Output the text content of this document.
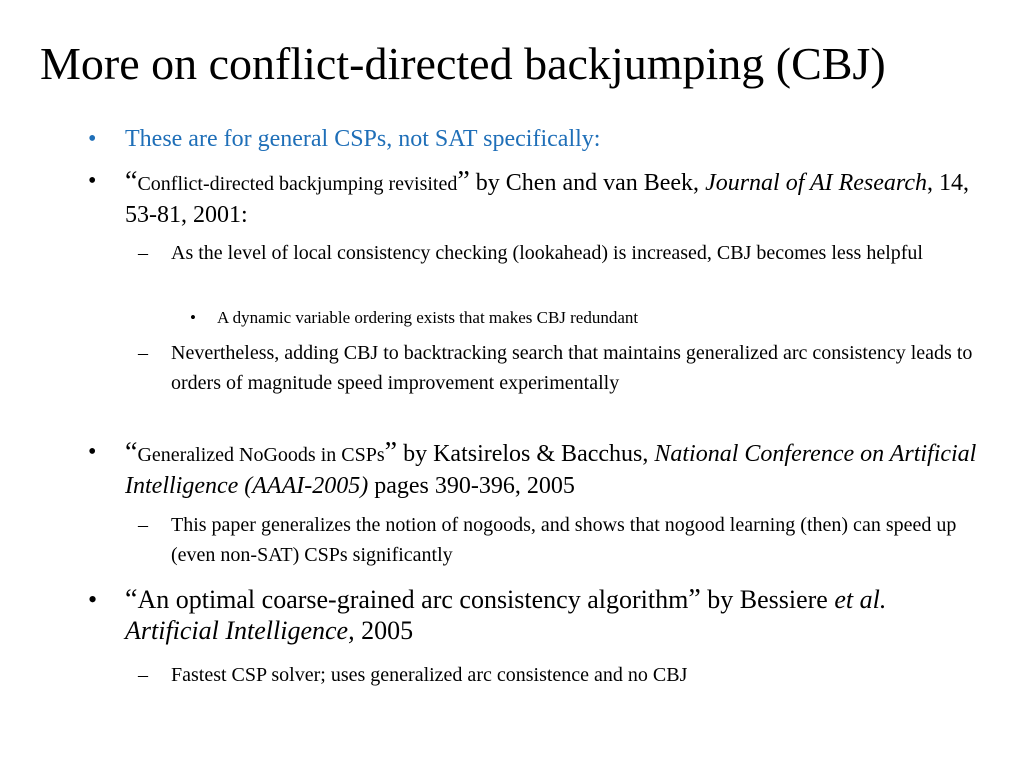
More on conflict-directed backjumping (CBJ)
• These are for general CSPs, not SAT specifically:
• “Conflict-directed backjumping revisited” by Chen and van Beek, Journal of AI Research, 14, 53-81, 2001:
– As the level of local consistency checking (lookahead) is increased, CBJ becomes less helpful
• A dynamic variable ordering exists that makes CBJ redundant
– Nevertheless, adding CBJ to backtracking search that maintains generalized arc consistency leads to orders of magnitude speed improvement experimentally
• “Generalized NoGoods in CSPs” by Katsirelos & Bacchus, National Conference on Artificial Intelligence (AAAI-2005) pages 390-396, 2005
– This paper generalizes the notion of nogoods, and shows that nogood learning (then) can speed up (even non-SAT) CSPs significantly
• “An optimal coarse-grained arc consistency algorithm” by Bessiere et al. Artificial Intelligence, 2005
– Fastest CSP solver; uses generalized arc consistence and no CBJ
